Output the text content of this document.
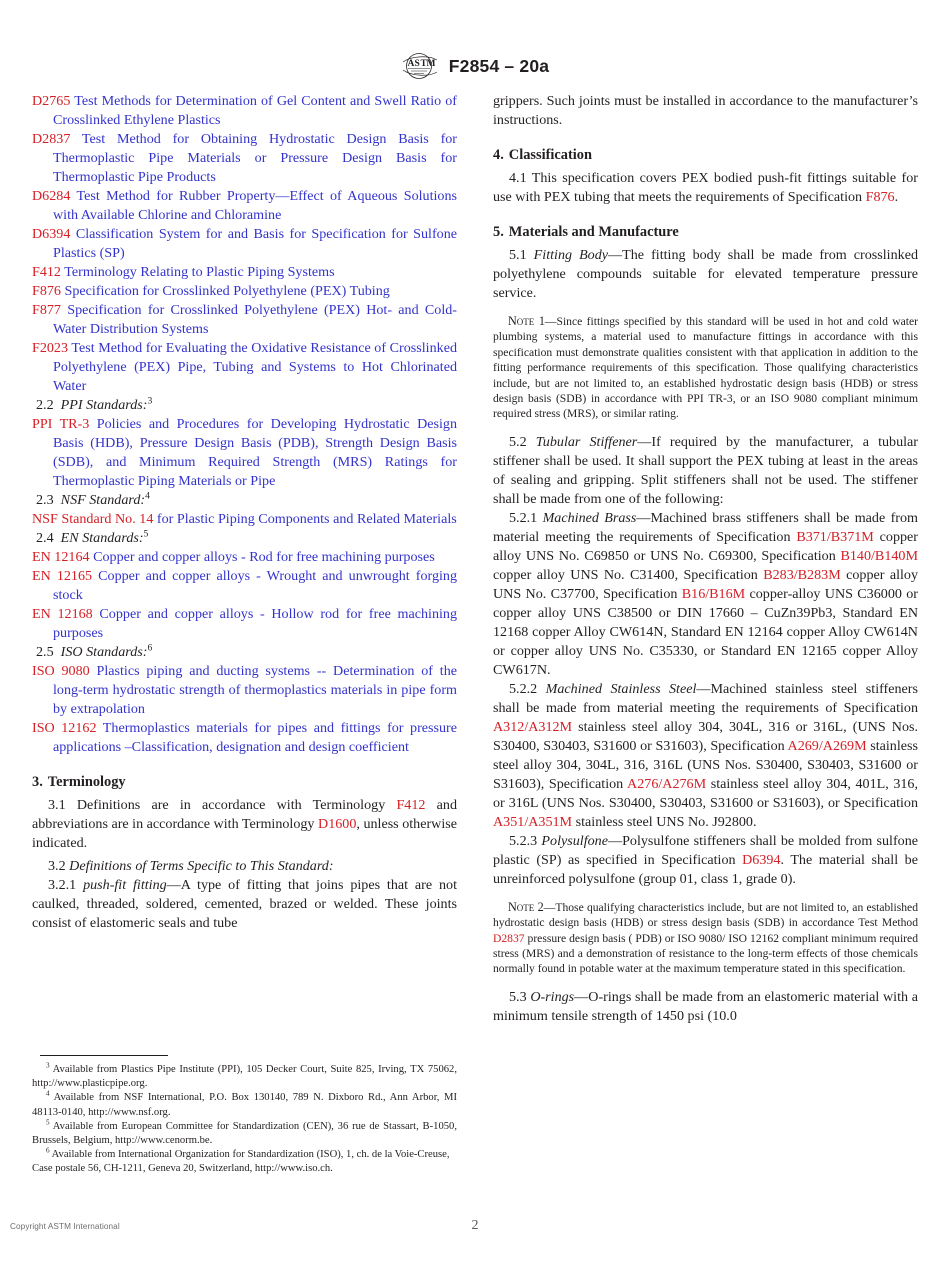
A S T M F2854 – 20a

D2765 Test Methods for Determination of Gel Content and Swell Ratio of Crosslinked Ethylene Plastics

D2837 Test Method for Obtaining Hydrostatic Design Basis for Thermoplastic Pipe Materials or Pressure Design Basis for Thermoplastic Pipe Products

D6284 Test Method for Rubber Property—Effect of Aqueous Solutions with Available Chlorine and Chloramine

D6394 Classification System for and Basis for Specification for Sulfone Plastics (SP)

F412 Terminology Relating to Plastic Piping Systems

F876 Specification for Crosslinked Polyethylene (PEX) Tubing

F877 Specification for Crosslinked Polyethylene (PEX) Hot- and Cold-Water Distribution Systems

F2023 Test Method for Evaluating the Oxidative Resistance of Crosslinked Polyethylene (PEX) Pipe, Tubing and Systems to Hot Chlorinated Water

2.2 PPI Standards:$^3$

PPI TR-3 Policies and Procedures for Developing Hydrostatic Design Basis (HDB), Pressure Design Basis (PDB), Strength Design Basis (SDB), and Minimum Required Strength (MRS) Ratings for Thermoplastic Piping Materials or Pipe

2.3 NSF Standard:$^4$

NSF Standard No. 14 for Plastic Piping Components and Related Materials

2.4 EN Standards:$^5$

EN 12164 Copper and copper alloys - Rod for free machining purposes

EN 12165 Copper and copper alloys - Wrought and unwrought forging stock

EN 12168 Copper and copper alloys - Hollow rod for free machining purposes

2.5 ISO Standards:$^6$

ISO 9080 Plastics piping and ducting systems -- Determination of the long-term hydrostatic strength of thermoplastics materials in pipe form by extrapolation

ISO 12162 Thermoplastics materials for pipes and fittings for pressure applications –Classification, designation and design coefficient

3. Terminology

3.1 Definitions are in accordance with Terminology F412 and abbreviations are in accordance with Terminology D1600, unless otherwise indicated.

3.2 Definitions of Terms Specific to This Standard:

3.2.1 push-fit fitting—A type of fitting that joins pipes that are not caulked, threaded, soldered, cemented, brazed or welded. These joints consist of elastomeric seals and tube

grippers. Such joints must be installed in accordance to the manufacturer’s instructions.

4. Classification

4.1 This specification covers PEX bodied push-fit fittings suitable for use with PEX tubing that meets the requirements of Specification F876.

5. Materials and Manufacture

5.1 Fitting Body—The fitting body shall be made from crosslinked polyethylene compounds suitable for elevated temperature pressure service.

Note 1—Since fittings specified by this standard will be used in hot and cold water plumbing systems, a material used to manufacture fittings in accordance with this specification must demonstrate qualities consistent with that application in addition to the fitting performance requirements of this specification. Those qualifying characteristics include, but are not limited to, an established hydrostatic design basis (HDB) or stress design basis (SDB) in accordance with PPI TR-3, or an ISO 9080 compliant minimum required stress (MRS), or similar rating.

5.2 Tubular Stiffener—If required by the manufacturer, a tubular stiffener shall be used. It shall support the PEX tubing at least in the areas of sealing and gripping. Split stiffeners shall not be used. The stiffener shall be made from one of the following:

5.2.1 Machined Brass—Machined brass stiffeners shall be made from material meeting the requirements of Specification B371/B371M copper alloy UNS No. C69850 or UNS No. C69300, Specification B140/B140M copper alloy UNS No. C31400, Specification B283/B283M copper alloy UNS No. C37700, Specification B16/B16M copper-alloy UNS C36000 or copper alloy UNS C38500 or DIN 17660 – CuZn39Pb3, Standard EN 12168 copper Alloy CW614N, Standard EN 12164 copper Alloy CW614N or copper alloy UNS No. C35330, or Standard EN 12165 copper Alloy CW617N.

5.2.2 Machined Stainless Steel—Machined stainless steel stiffeners shall be made from material meeting the requirements of Specification A312/A312M stainless steel alloy 304, 304L, 316 or 316L, (UNS Nos. S30400, S30403, S31600 or S31603), Specification A269/A269M stainless steel alloy 304, 304L, 316, 316L (UNS Nos. S30400, S30403, S31600 or S31603), Specification A276/A276M stainless steel alloy 304, 401L, 316, or 316L (UNS Nos. S30400, S30403, S31600 or S31603), or Specification A351/A351M stainless steel UNS No. J92800.

5.2.3 Polysulfone—Polysulfone stiffeners shall be molded from sulfone plastic (SP) as specified in Specification D6394. The material shall be unreinforced polysulfone (group 01, class 1, grade 0).

Note 2—Those qualifying characteristics include, but are not limited to, an established hydrostatic design basis (HDB) or stress design basis (SDB) in accordance Test Method D2837 pressure design basis ( PDB) or ISO 9080/ ISO 12162 compliant minimum required stress (MRS) and a demonstration of resistance to the long-term effects of those chemicals normally found in potable water at the maximum temperature stated in this specification.

5.3 O-rings—O-rings shall be made from an elastomeric material with a minimum tensile strength of 1450 psi (10.0

$^3$ Available from Plastics Pipe Institute (PPI), 105 Decker Court, Suite 825, Irving, TX 75062, http://www.plasticpipe.org.

$^4$ Available from NSF International, P.O. Box 130140, 789 N. Dixboro Rd., Ann Arbor, MI 48113-0140, http://www.nsf.org.

$^5$ Available from European Committee for Standardization (CEN), 36 rue de Stassart, B-1050, Brussels, Belgium, http://www.cenorm.be.

$^6$ Available from International Organization for Standardization (ISO), 1, ch. de la Voie-Creuse, Case postale 56, CH-1211, Geneva 20, Switzerland, http://www.iso.ch.

Copyright ASTM International	2
